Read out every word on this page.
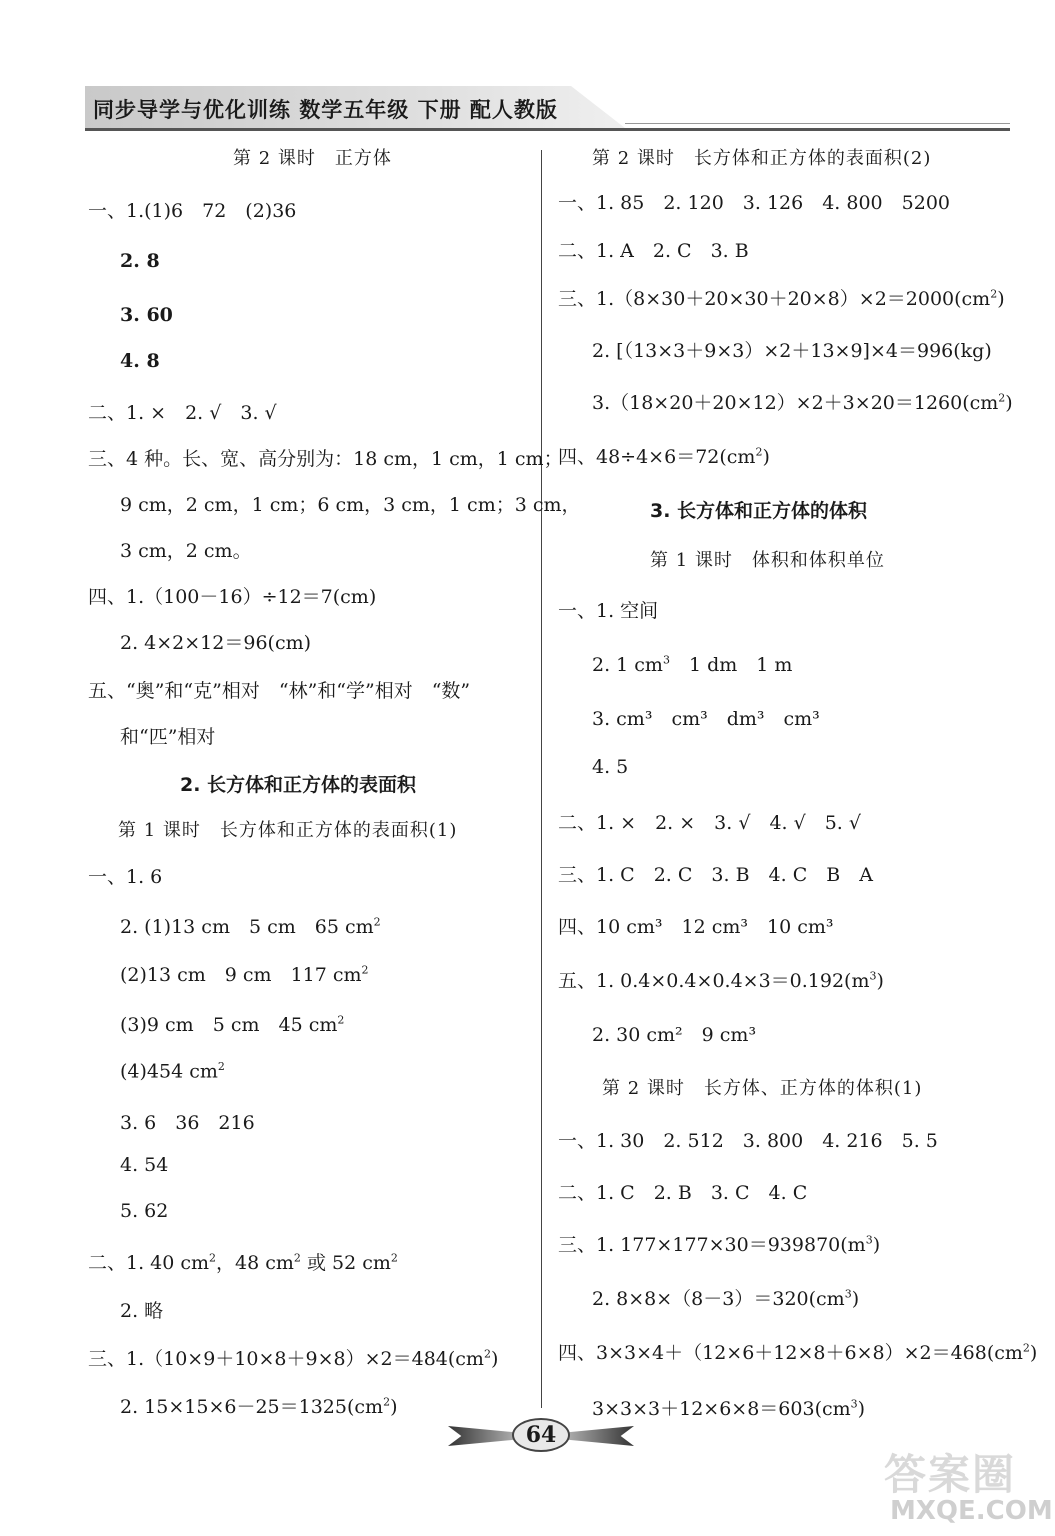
同步导学与优化训练 数学五年级 下册 配人教版
第 2 课时　正方体
一、1.(1)6　72　(2)36
2. 8
3. 60
4. 8
二、1. ×　2. √　3. √
三、4 种。长、宽、高分别为：18 cm，1 cm，1 cm；
9 cm，2 cm，1 cm；6 cm，3 cm，1 cm；3 cm，
3 cm，2 cm。
四、1.（100－16）÷12＝7(cm)
2. 4×2×12＝96(cm)
五、“奥”和“克”相对　“林”和“学”相对　“数”
和“匹”相对
2. 长方体和正方体的表面积
第 1 课时　长方体和正方体的表面积(1)
一、1. 6
2. (1)13 cm　5 cm　65 $cm^2$
(2)13 cm　9 cm　117 $cm^2$
(3)9 cm　5 cm　45 $cm^2$
(4)454 $cm^2$
3. 6　36　216
4. 54
5. 62
二、1. 40 $cm^2$，48 $cm^2$ 或 52 $cm^2$
2. 略
三、$1.(10\times 9+10\times 8+9\times 8)\times 2=484(cm^2)$
2. $15\times 15\times 6-25=1325(cm^2)$
第 2 课时　长方体和正方体的表面积(2)
一、1. 85　2. 120　3. 126　4. 800　5200
二、1. A　2. C　3. B
三、$1.(8\times 30+20\times 30+20\times 8)\times 2=2000(cm^2)$
2. [（13×3＋9×3）×2＋13×9]×4＝996(kg)
$3.(18\times 20+20\times 12)\times 2+3\times 20=1260(cm^2)$
四、$48\div 4\times 6=72(cm^2)$
3. 长方体和正方体的体积
第 1 课时　体积和体积单位
一、1. 空间
2. 1 $cm^3$　1 dm　1 m
3. cm³　cm³　dm³　cm³
4. 5
二、1. ×　2. ×　3. √　4. √　5. √
三、1. C　2. C　3. B　4. C　B　A
四、10 cm³　12 cm³　10 cm³
五、1. $0.4\times 0.4\times 0.4\times 3=0.192(m^3)$
2. 30 cm²　9 cm³
第 2 课时　长方体、正方体的体积(1)
一、1. 30　2. 512　3. 800　4. 216　5. 5
二、1. C　2. B　3. C　4. C
三、1. $177\times 177\times 30=939870(m^3)$
2. $8\times 8\times(8-3)=320(cm^3)$
四、$3\times 3\times 4+(12\times 6+12\times 8+6\times 8)\times 2=468(cm^2)$
$3\times 3\times 3+12\times 6\times 8=603(cm^3)$
64
答案圈
MXQE.COM
